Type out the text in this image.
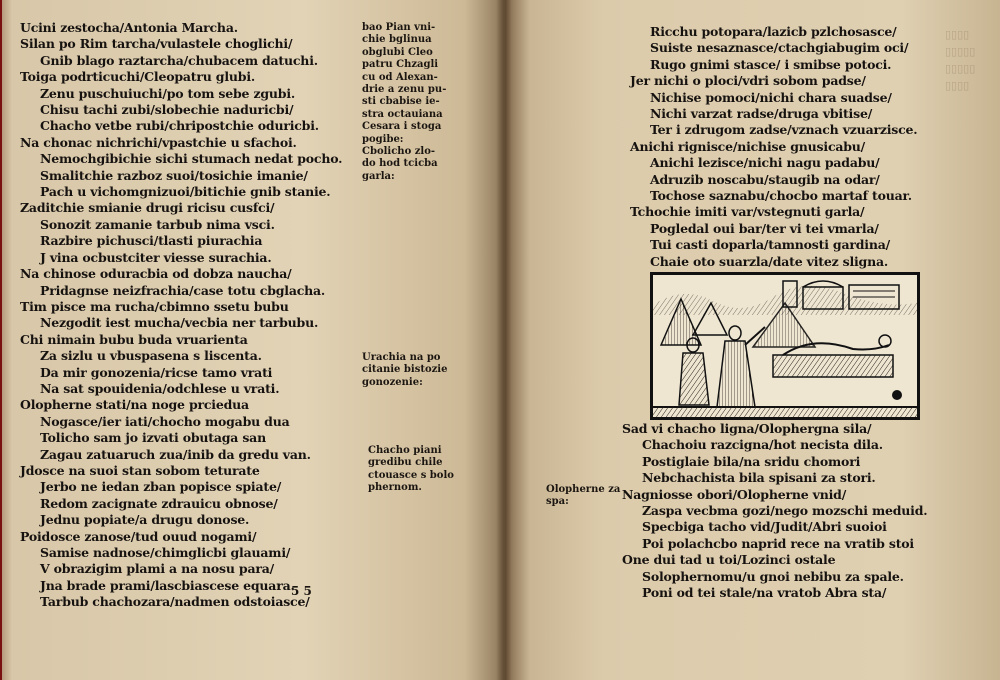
Ucini zestocha/Antonia Marcha.
Silan po Rim tarcha/vulastele choglichi/
Gnib blago raztarcha/chubacem datuchi.
Toiga podrticuchi/Cleopatru glubi.
Zenu puschuiuchi/po tom sebe zgubi.
Chisu tachi zubi/slobechie naduricbi/
Chacho vetbe rubi/chripostchie oduricbi.
Na chonac nichrichi/vpastchie u sfachoi.
Nemochgibichie sichi stumach nedat pocho.
Smalitchie razboz suoi/tosichie imanie/
Pach u vichomgnizuoi/bitichie gnib stanie.
Zaditchie smianie drugi ricisu cusfci/
Sonozit zamanie tarbub nima vsci.
Razbire pichusci/tlasti piurachia
J vina ocbustciter viesse surachia.
Na chinose oduracbia od dobza naucha/
Pridagnse neizfrachia/case totu cbglacha.
Tim pisce ma rucha/cbimno ssetu bubu
Nezgodit iest mucha/vecbia ner tarbubu.
Chi nimain bubu buda vruarienta
Za sizlu u vbuspasena s liscenta.
Da mir gonozenia/ricse tamo vrati
Na sat spouidenia/odchlese u vrati.
Olopherne stati/na noge prciedua
Nogasce/ier iati/chocho mogabu dua
Tolicho sam jo izvati obutaga san
Zagau zatuaruch zua/inib da gredu van.
Jdosce na suoi stan sobom teturate
Jerbo ne iedan zban popisce spiate/
Redom zacignate zdrauicu obnose/
Jednu popiate/a drugu donose.
Poidosce zanose/tud ouud nogami/
Samise nadnose/chimglicbi glauami/
V obrazigim plami a na nosu para/
Jna brade prami/lascbiascese equara.
Tarbub chachozara/nadmen odstoiasce/
bao Pian vni-
chie bglinua
obglubi Cleo
patru Chzagli
cu od Alexan-
drie a zenu pu-
sti cbabise ie-
stra octauiana
Cesara i stoga
pogibe:
Cbolicho zlo-
do hod tcicba
garla:
Urachia na po
citanie bistozie
gonozenie:
Chacho piani
gredibu chile
ctouasce s bolo
phernom.
5 5
▯▯▯▯
▯▯▯▯▯
▯▯▯▯▯
▯▯▯▯
Ricchu potopara/lazicb pzlchosasce/
Suiste nesaznasce/ctachgiabugim oci/
Rugo gnimi stasce/ i smibse potoci.
Jer nichi o ploci/vdri sobom padse/
Nichise pomoci/nichi chara suadse/
Nichi varzat radse/druga vbitise/
Ter i zdrugom zadse/vznach vzuarzisce.
Anichi rignisce/nichise gnusicabu/
Anichi lezisce/nichi nagu padabu/
Adruzib noscabu/staugib na odar/
Tochose saznabu/chocbo martaf touar.
Tchochie imiti var/vstegnuti garla/
Pogledal oui bar/ter vi tei vmarla/
Tui casti doparla/tamnosti gardina/
Chaie oto suarzla/date vitez sligna.
Sad vi chacho ligna/Olophergna sila/
Chachoiu razcigna/hot necista dila.
Postiglaie bila/na sridu chomori
Nebchachista bila spisani za stori.
Nagniosse obori/Olopherne vnid/
Zaspa vecbma gozi/nego mozschi meduid.
Specbiga tacho vid/Judit/Abri suoioi
Poi polachcbo naprid rece na vratib stoi
One dui tad u toi/Lozinci ostale
Solophernomu/u gnoi nebibu za spale.
Poni od tei stale/na vratob Abra sta/
Olopherne za
spa:
